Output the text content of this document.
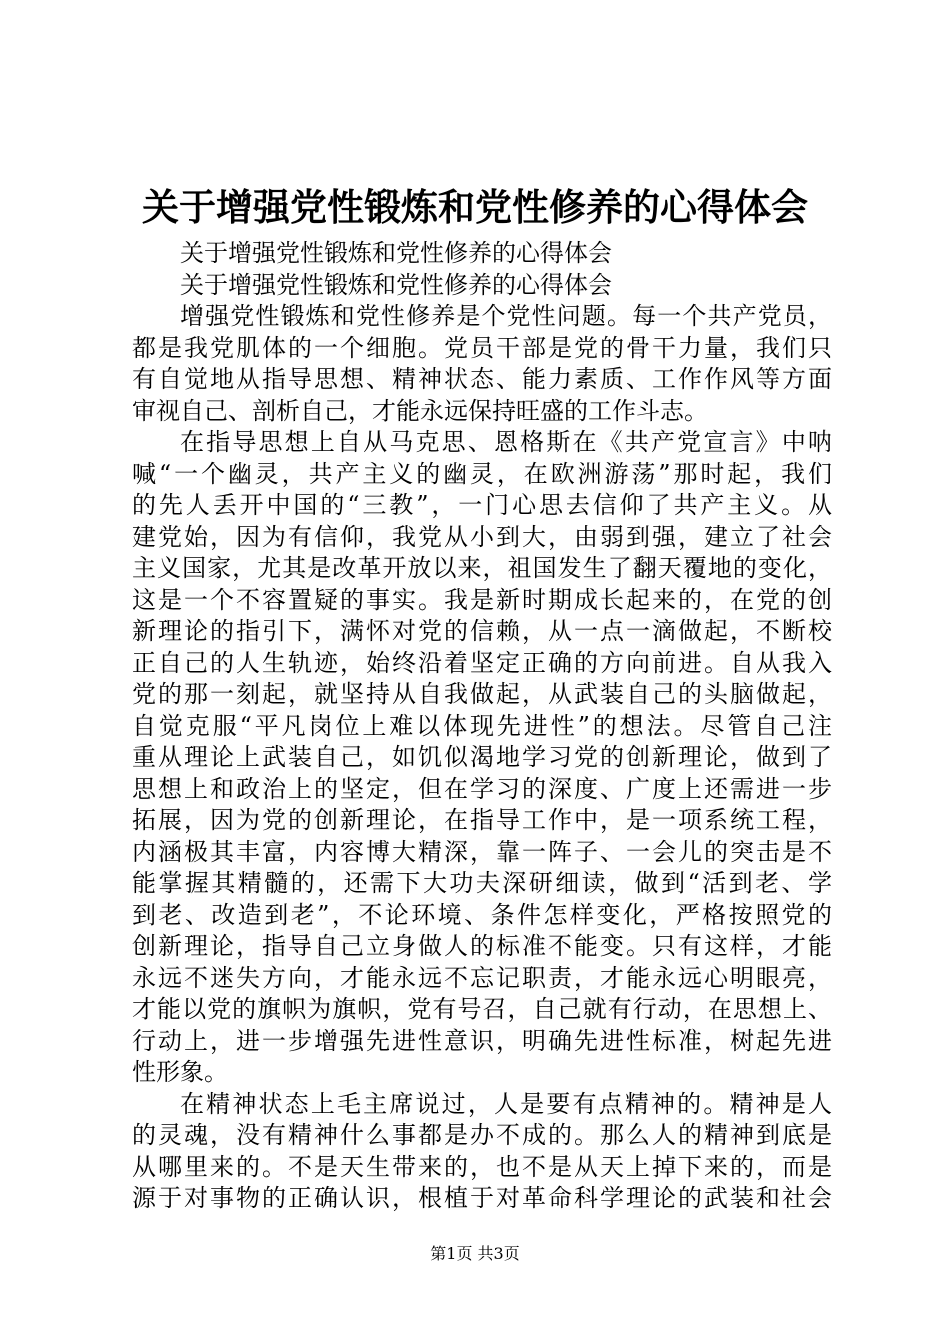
关于增强党性锻炼和党性修养的心得体会
关于增强党性锻炼和党性修养的心得体会
关于增强党性锻炼和党性修养的心得体会
增强党性锻炼和党性修养是个党性问题。每一个共产党员，
都是我党肌体的一个细胞。党员干部是党的骨干力量，我们只
有自觉地从指导思想、精神状态、能力素质、工作作风等方面
审视自己、剖析自己，才能永远保持旺盛的工作斗志。
在指导思想上自从马克思、恩格斯在《共产党宣言》中呐
喊“一个幽灵，共产主义的幽灵，在欧洲游荡”那时起，我们
的先人丢开中国的“三教”，一门心思去信仰了共产主义。从
建党始，因为有信仰，我党从小到大，由弱到强，建立了社会
主义国家，尤其是改革开放以来，祖国发生了翻天覆地的变化，
这是一个不容置疑的事实。我是新时期成长起来的，在党的创
新理论的指引下，满怀对党的信赖，从一点一滴做起，不断校
正自己的人生轨迹，始终沿着坚定正确的方向前进。自从我入
党的那一刻起，就坚持从自我做起，从武装自己的头脑做起，
自觉克服“平凡岗位上难以体现先进性”的想法。尽管自己注
重从理论上武装自己，如饥似渴地学习党的创新理论，做到了
思想上和政治上的坚定，但在学习的深度、广度上还需进一步
拓展，因为党的创新理论，在指导工作中，是一项系统工程，
内涵极其丰富，内容博大精深，靠一阵子、一会儿的突击是不
能掌握其精髓的，还需下大功夫深研细读，做到“活到老、学
到老、改造到老”，不论环境、条件怎样变化，严格按照党的
创新理论，指导自己立身做人的标准不能变。只有这样，才能
永远不迷失方向，才能永远不忘记职责，才能永远心明眼亮，
才能以党的旗帜为旗帜，党有号召，自己就有行动，在思想上、
行动上，进一步增强先进性意识，明确先进性标准，树起先进
性形象。
在精神状态上毛主席说过，人是要有点精神的。精神是人
的灵魂，没有精神什么事都是办不成的。那么人的精神到底是
从哪里来的。不是天生带来的，也不是从天上掉下来的，而是
源于对事物的正确认识，根植于对革命科学理论的武装和社会
第1页 共3页
